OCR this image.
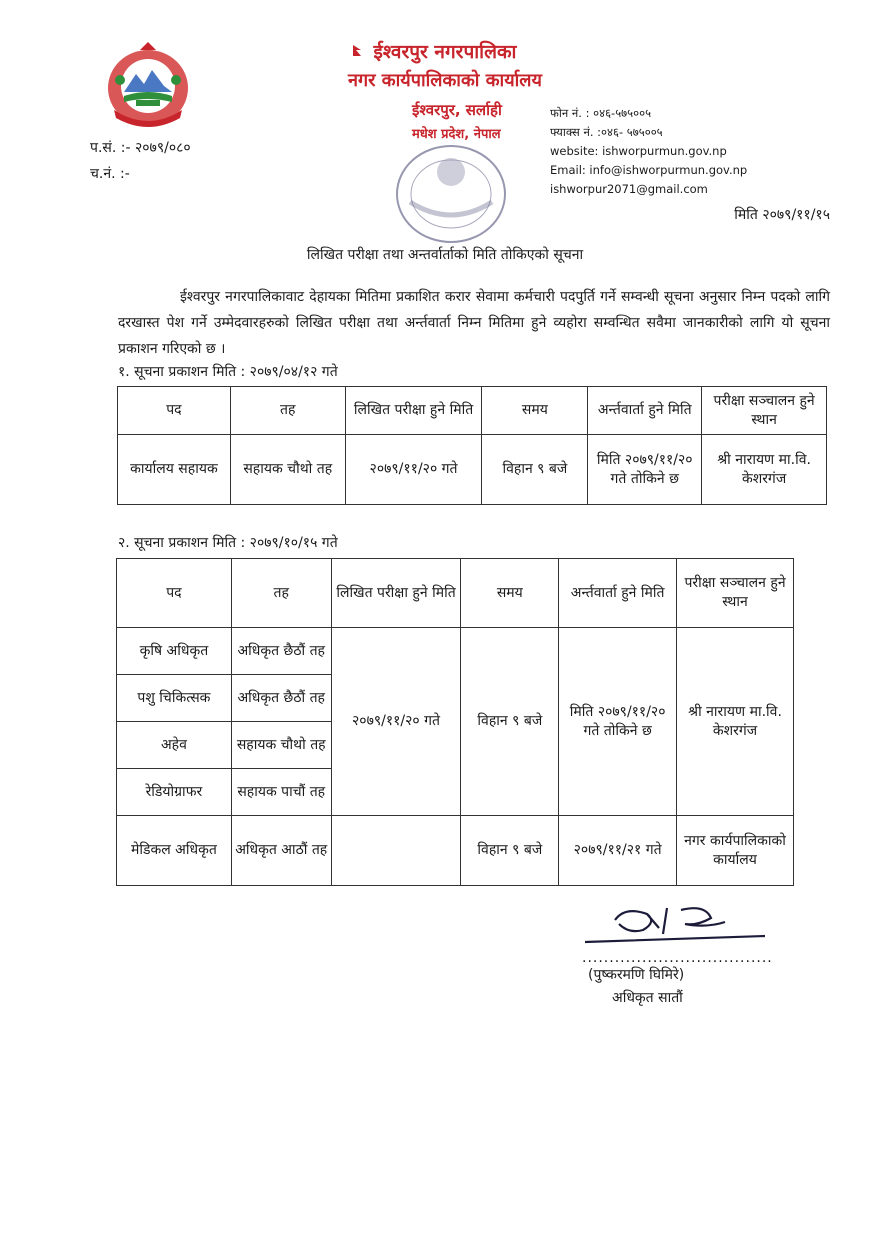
ईश्वरपुर नगरपालिका
नगर कार्यपालिकाको कार्यालय
ईश्वरपुर, सर्लाही
मधेश प्रदेश, नेपाल
फोन नं. : ०४६-५७५००५
फ्याक्स नं. :०४६- ५७५००५
website: ishworpurmun.gov.np
Email: info@ishworpurmun.gov.np
ishworpur2071@gmail.com
प.सं. :- २०७९/०८०
च.नं. :-
मिति २०७९/११/१५
लिखित परीक्षा तथा अन्तर्वार्ताको मिति तोकिएको सूचना
ईश्वरपुर नगरपालिकावाट देहायका मितिमा प्रकाशित करार सेवामा कर्मचारी पदपुर्ति गर्ने सम्वन्धी सूचना अनुसार निम्न पदको लागि दरखास्त पेश गर्ने उम्मेदवारहरुको लिखित परीक्षा तथा अर्न्तवार्ता निम्न मितिमा हुने व्यहोरा सम्वन्धित सवैमा जानकारीको लागि यो सूचना प्रकाशन गरिएको छ ।
१. सूचना प्रकाशन मिति : २०७९/०४/१२ गते
पद	तह	लिखित परीक्षा हुने मिति	समय	अर्न्तवार्ता हुने मिति	परीक्षा सञ्चालन हुने स्थान
कार्यालय सहायक	सहायक चौथो तह	२०७९/११/२० गते	विहान ९ बजे	मिति २०७९/११/२० गते तोकिने छ	श्री नारायण मा.वि. केशरगंज
२. सूचना प्रकाशन मिति : २०७९/१०/१५ गते
पद	तह	लिखित परीक्षा हुने मिति	समय	अर्न्तवार्ता हुने मिति	परीक्षा सञ्चालन हुने स्थान
कृषि अधिकृत	अधिकृत छैठौं तह	२०७९/११/२० गते	विहान ९ बजे	मिति २०७९/११/२० गते तोकिने छ	श्री नारायण मा.वि. केशरगंज
पशु चिकित्सक	अधिकृत छैठौं तह				
अहेव	सहायक चौथो तह				
रेडियोग्राफर	सहायक पाचौं तह				
मेडिकल अधिकृत	अधिकृत आठौं तह		विहान ९ बजे	२०७९/११/२१ गते	नगर कार्यपालिकाको कार्यालय
...................................
(पुष्करमणि घिमिरे)
अधिकृत सातौं
